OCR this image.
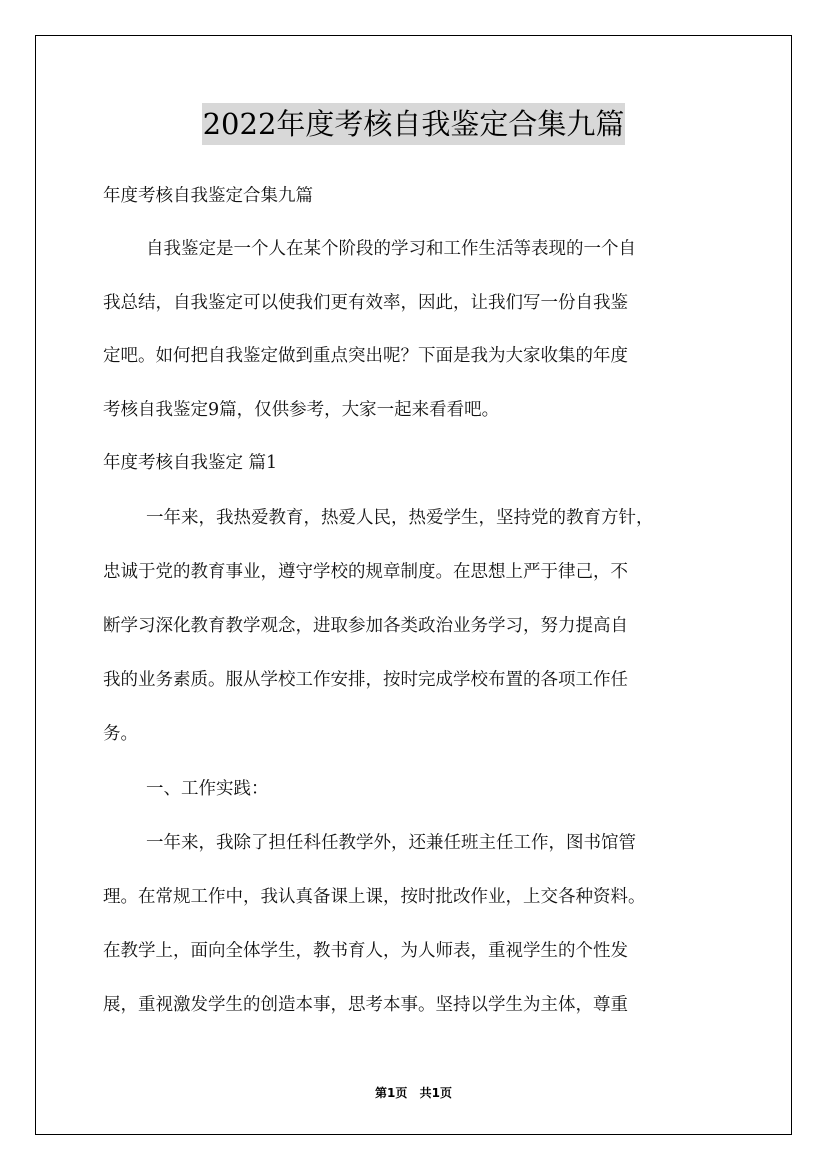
2022年度考核自我鉴定合集九篇
年度考核自我鉴定合集九篇
自我鉴定是一个人在某个阶段的学习和工作生活等表现的一个自
我总结，自我鉴定可以使我们更有效率，因此，让我们写一份自我鉴
定吧。如何把自我鉴定做到重点突出呢？下面是我为大家收集的年度
考核自我鉴定9篇，仅供参考，大家一起来看看吧。
年度考核自我鉴定 篇1
一年来，我热爱教育，热爱人民，热爱学生，坚持党的教育方针，
忠诚于党的教育事业，遵守学校的规章制度。在思想上严于律己，不
断学习深化教育教学观念，进取参加各类政治业务学习，努力提高自
我的业务素质。服从学校工作安排，按时完成学校布置的各项工作任
务。
一、工作实践：
一年来，我除了担任科任教学外，还兼任班主任工作，图书馆管
理。在常规工作中，我认真备课上课，按时批改作业，上交各种资料。
在教学上，面向全体学生，教书育人，为人师表，重视学生的个性发
展，重视激发学生的创造本事，思考本事。坚持以学生为主体，尊重
第1页 共1页
